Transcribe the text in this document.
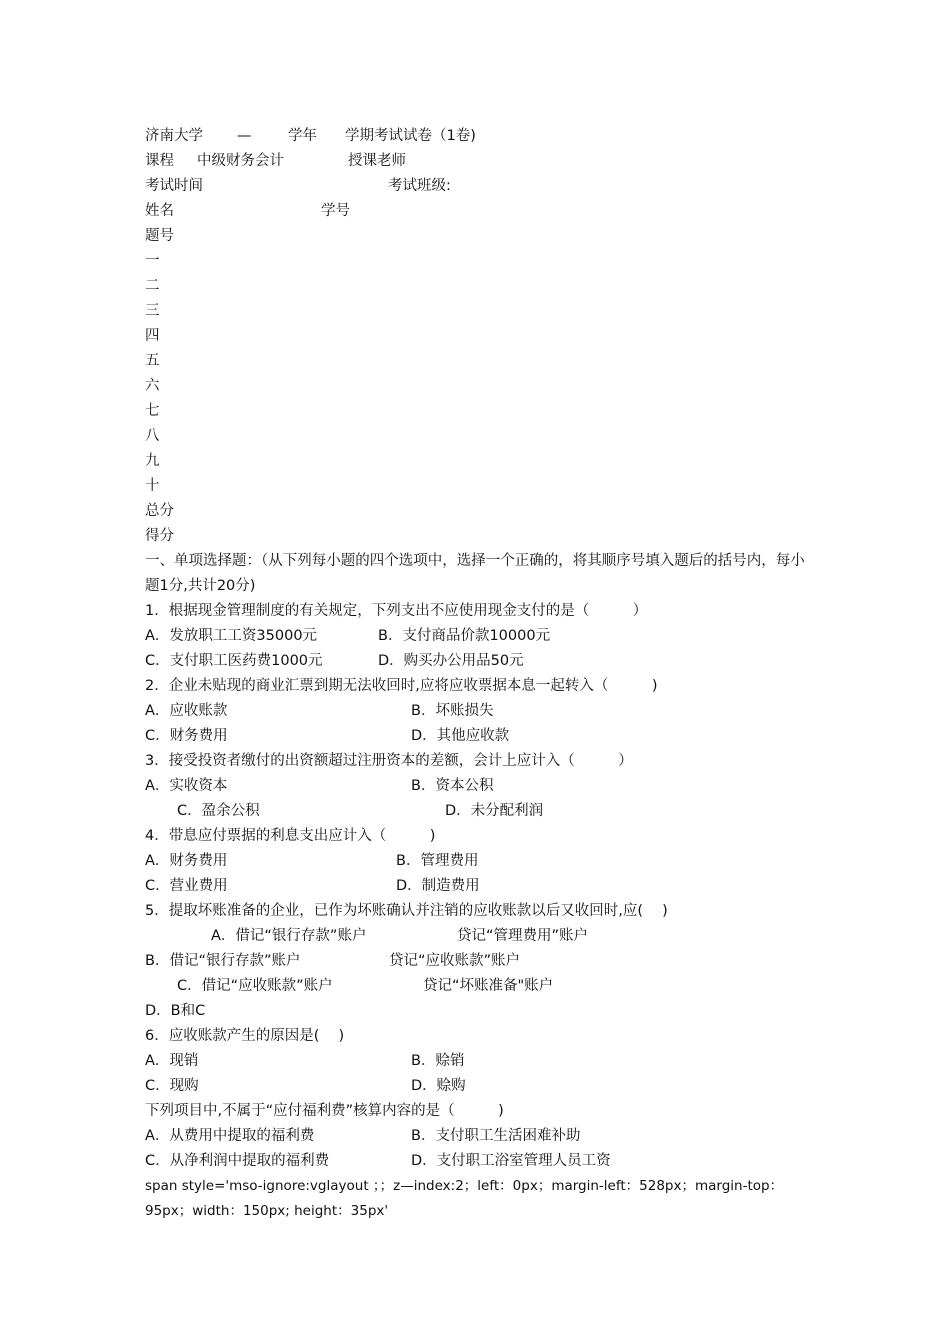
济南大学 —	学年 学期考试试卷（1卷)
课程 中级财务会计	授课老师
考试时间	考试班级:
姓名	学号
题号
一
二
三
四
五
六
七
八
九
十
总分
得分
一、单项选择题：（从下列每小题的四个选项中，选择一个正确的，将其顺序号填入题后的括号内，每小题1分,共计20分)
1．根据现金管理制度的有关规定，下列支出不应使用现金支付的是（　　　）
A．发放职工工资35000元	B．支付商品价款10000元
C．支付职工医药费1000元	D．购买办公用品50元
2．企业未贴现的商业汇票到期无法收回时,应将应收票据本息一起转入（　　　)
A．应收账款	B．坏账损失
C．财务费用	D．其他应收款
3．接受投资者缴付的出资额超过注册资本的差额，会计上应计入（　　　）
A．实收资本	B．资本公积
C．盈余公积	D．未分配利润
4．带息应付票据的利息支出应计入（　　　)
A．财务费用	B．管理费用
C．营业费用	D．制造费用
5．提取坏账准备的企业，已作为坏账确认并注销的应收账款以后又收回时,应(　 )
A．借记“银行存款”账户	贷记“管理费用”账户
B．借记“银行存款”账户	贷记“应收账款”账户
C．借记“应收账款”账户	贷记“坏账准备"账户
D．B和C
6．应收账款产生的原因是(　 )
A．现销	B．赊销
C．现购	D．赊购
下列项目中,不属于“应付福利费”核算内容的是（　　　)
A．从费用中提取的福利费	B．支付职工生活困难补助
C．从净利润中提取的福利费	D．支付职工浴室管理人员工资
span style='mso-ignore:vglayout ；；z—index:2；left：0px；margin-left：528px；margin-top：95px；width：150px; height：35px'
